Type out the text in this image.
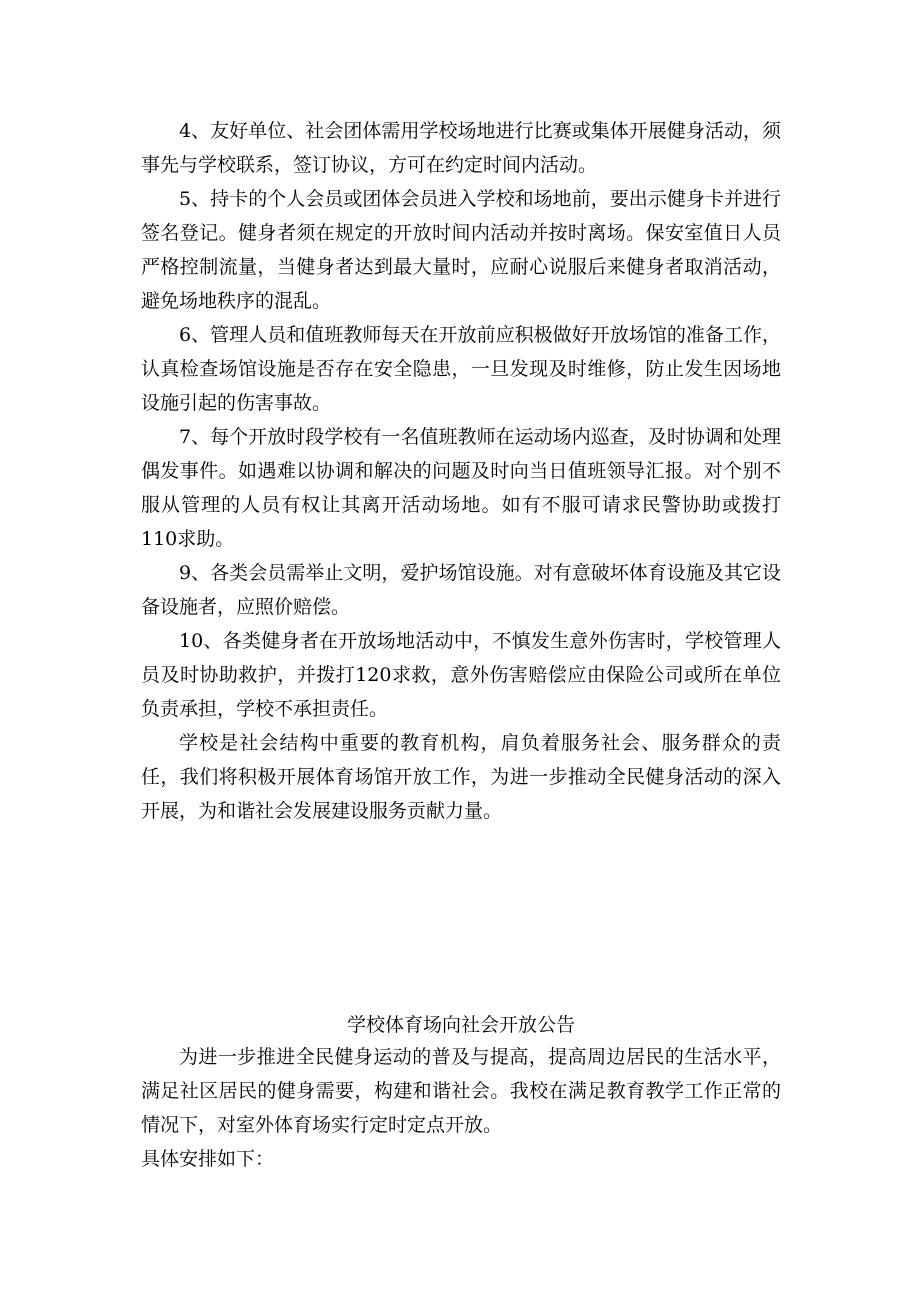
4、友好单位、社会团体需用学校场地进行比赛或集体开展健身活动，须事先与学校联系，签订协议，方可在约定时间内活动。

5、持卡的个人会员或团体会员进入学校和场地前，要出示健身卡并进行签名登记。健身者须在规定的开放时间内活动并按时离场。保安室值日人员严格控制流量，当健身者达到最大量时，应耐心说服后来健身者取消活动，避免场地秩序的混乱。

6、管理人员和值班教师每天在开放前应积极做好开放场馆的准备工作，认真检查场馆设施是否存在安全隐患，一旦发现及时维修，防止发生因场地设施引起的伤害事故。

7、每个开放时段学校有一名值班教师在运动场内巡查，及时协调和处理偶发事件。如遇难以协调和解决的问题及时向当日值班领导汇报。对个别不服从管理的人员有权让其离开活动场地。如有不服可请求民警协助或拨打110求助。

9、各类会员需举止文明，爱护场馆设施。对有意破坏体育设施及其它设备设施者，应照价赔偿。

10、各类健身者在开放场地活动中，不慎发生意外伤害时，学校管理人员及时协助救护，并拨打120求救，意外伤害赔偿应由保险公司或所在单位负责承担，学校不承担责任。

学校是社会结构中重要的教育机构，肩负着服务社会、服务群众的责任，我们将积极开展体育场馆开放工作，为进一步推动全民健身活动的深入开展，为和谐社会发展建设服务贡献力量。

学校体育场向社会开放公告

为进一步推进全民健身运动的普及与提高，提高周边居民的生活水平，满足社区居民的健身需要，构建和谐社会。我校在满足教育教学工作正常的情况下，对室外体育场实行定时定点开放。

具体安排如下：
